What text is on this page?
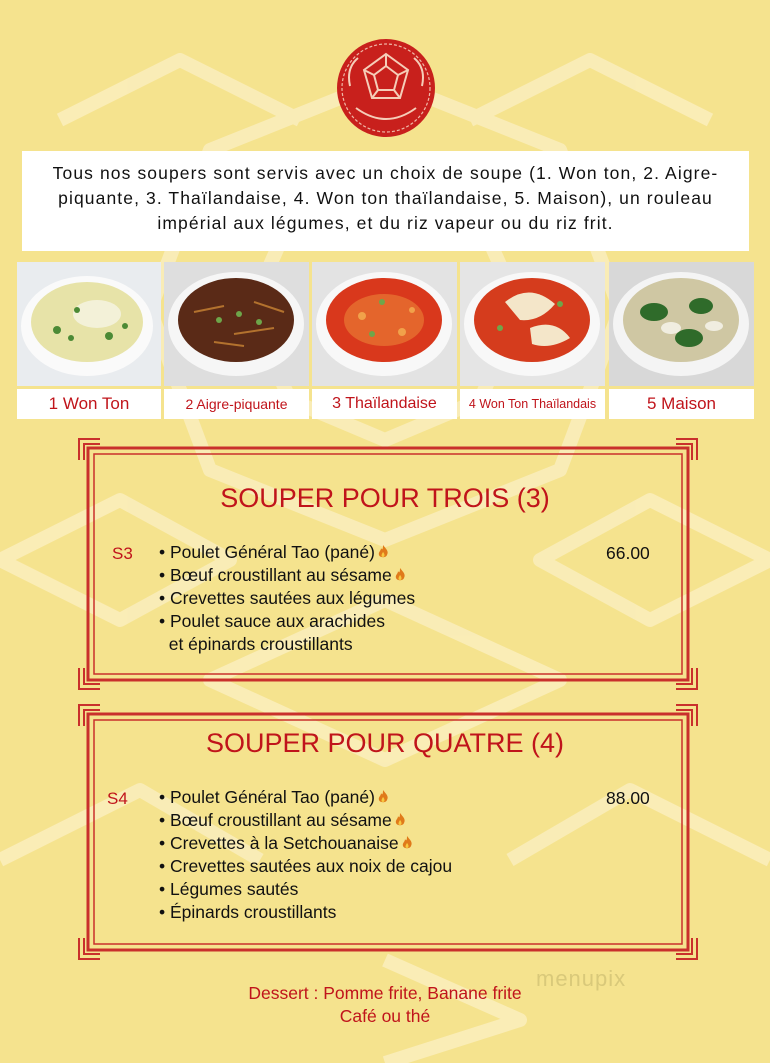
Tous nos soupers sont servis avec un choix de soupe (1. Won ton, 2. Aigre-piquante, 3. Thaïlandaise, 4. Won ton thaïlandaise, 5. Maison), un rouleau impérial aux légumes, et du riz vapeur ou du riz frit.
1 Won Ton	2 Aigre-piquante	3 Thaïlandaise	4 Won Ton Thaïlandais	5 Maison
SOUPER POUR TROIS (3)
S3	66.00
• Poulet Général Tao (pané)
• Bœuf croustillant au sésame
• Crevettes sautées aux légumes
• Poulet sauce aux arachides
et épinards croustillants
SOUPER POUR QUATRE (4)
S4	88.00
• Poulet Général Tao (pané)
• Bœuf croustillant au sésame
• Crevettes à la Setchouanaise
• Crevettes sautées aux noix de cajou
• Légumes sautés
• Épinards croustillants
menupix
Dessert : Pomme frite, Banane frite
Café ou thé
